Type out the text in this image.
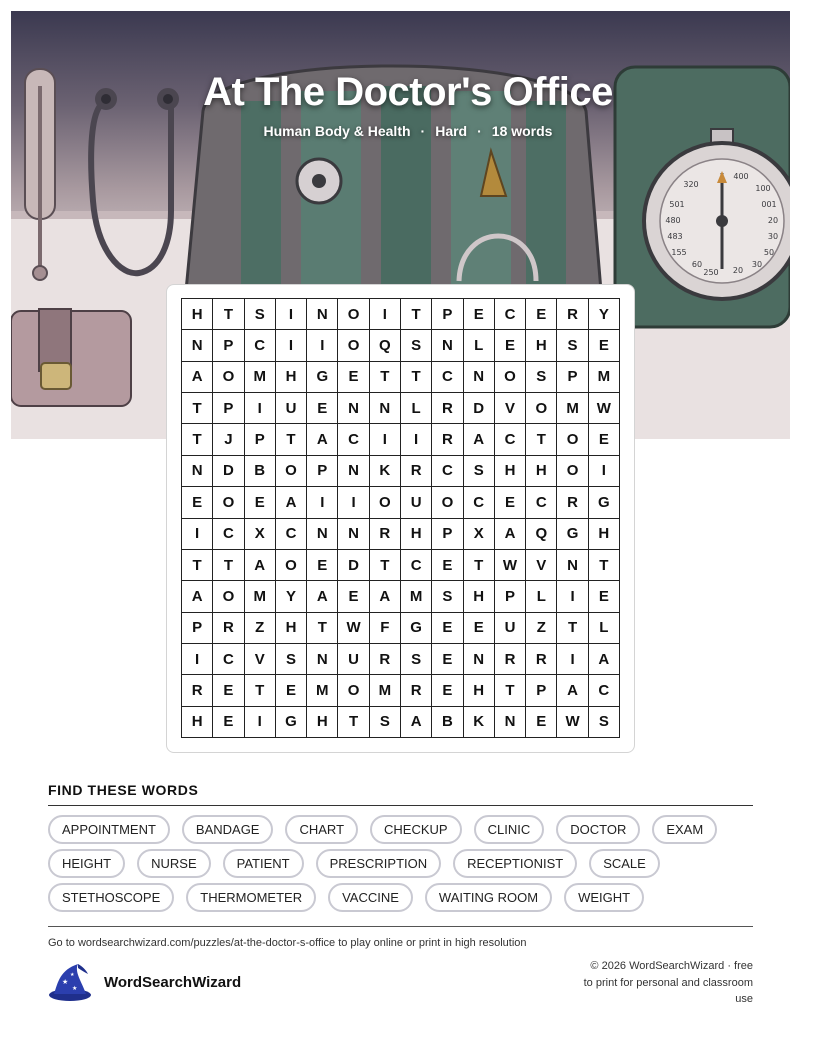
320
400
100
001
20
50
30
20
250
501
480
483
155
60	30
At The Doctor's Office
Human Body & Health · Hard · 18 words
H	T	S	I	N	O	I	T	P	E	C	E	R	Y
N	P	C	I	I	O	Q	S	N	L	E	H	S	E
A	O	M	H	G	E	T	T	C	N	O	S	P	M
T	P	I	U	E	N	N	L	R	D	V	O	M	W
T	J	P	T	A	C	I	I	R	A	C	T	O	E
N	D	B	O	P	N	K	R	C	S	H	H	O	I
E	O	E	A	I	I	O	U	O	C	E	C	R	G
I	C	X	C	N	N	R	H	P	X	A	Q	G	H
T	T	A	O	E	D	T	C	E	T	W	V	N	T
A	O	M	Y	A	E	A	M	S	H	P	L	I	E
P	R	Z	H	T	W	F	G	E	E	U	Z	T	L
I	C	V	S	N	U	R	S	E	N	R	R	I	A
R	E	T	E	M	O	M	R	E	H	T	P	A	C
H	E	I	G	H	T	S	A	B	K	N	E	W	S
FIND THESE WORDS
APPOINTMENT	BANDAGE	CHART	CHECKUP	CLINIC	DOCTOR	EXAM
HEIGHT	NURSE	PATIENT	PRESCRIPTION	RECEPTIONIST	SCALE
STETHOSCOPE	THERMOMETER	VACCINE	WAITING ROOM	WEIGHT
Go to wordsearchwizard.com/puzzles/at-the-doctor-s-office to play online or print in high resolution
★
★
★ WordSearchWizard
© 2026 WordSearchWizard · free to print for personal and classroom use
